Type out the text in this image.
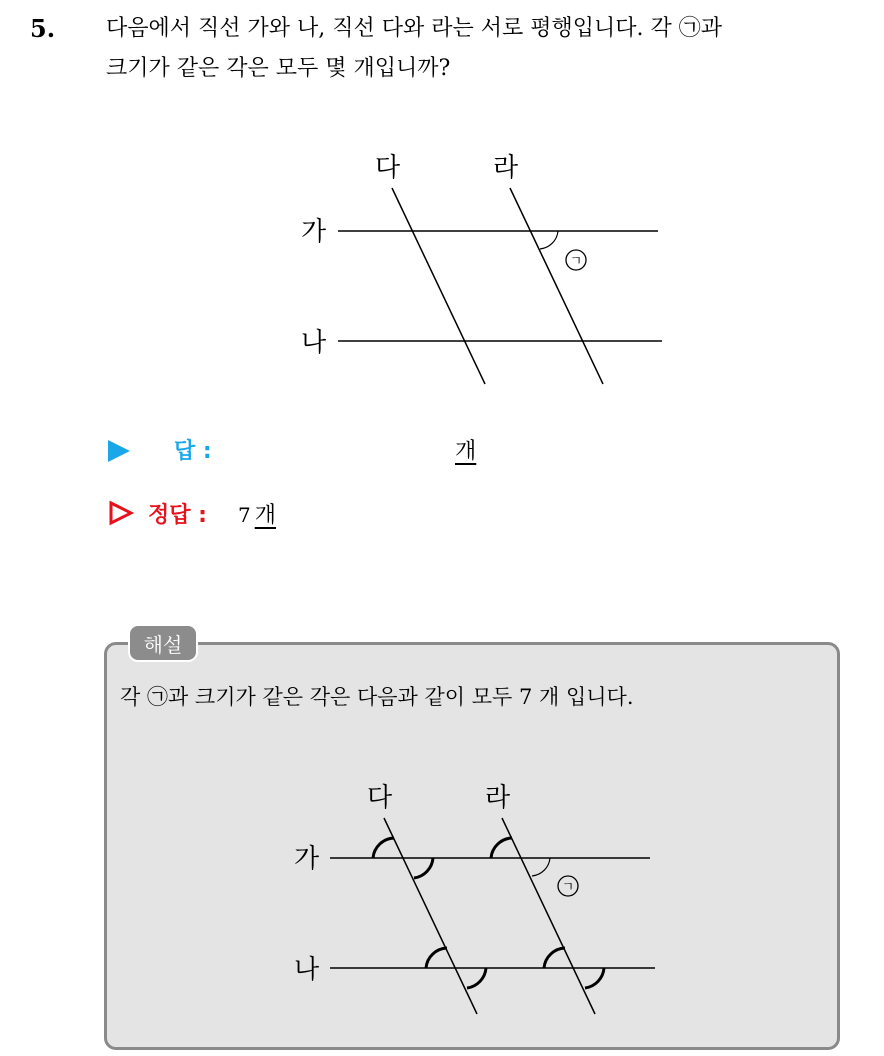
5. 다음에서 직선 가와 나, 직선 다와 라는 서로 평행입니다. 각 ㉠과
크기가 같은 각은 모두 몇 개입니까?
ㄱ
가
나
다	라
답 :	개
정답 : 7 개
해설
각 ㉠과 크기가 같은 각은 다음과 같이 모두 7 개 입니다.
ㄱ
가
나
다	라
